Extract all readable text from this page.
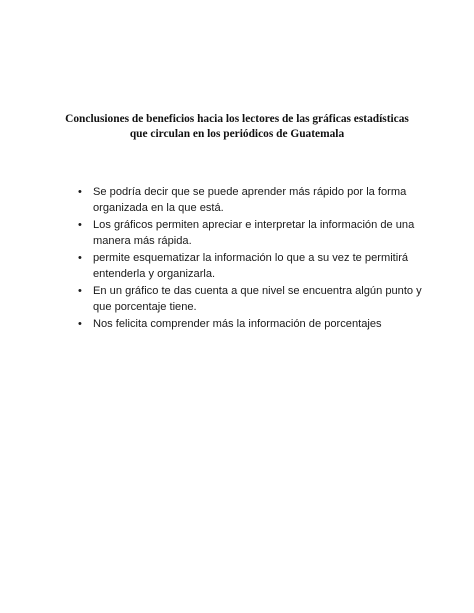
Conclusiones de beneficios hacia los lectores de las gráficas estadísticas
que circulan en los periódicos de Guatemala
• Se podría decir que se puede aprender más rápido por la forma organizada en la que está.
• Los gráficos permiten apreciar e interpretar la información de una manera más rápida.
• permite esquematizar la información lo que a su vez te permitirá entenderla y organizarla.
• En un gráfico te das cuenta a que nivel se encuentra algún punto y que porcentaje tiene.
• Nos felicita comprender más la información de porcentajes
